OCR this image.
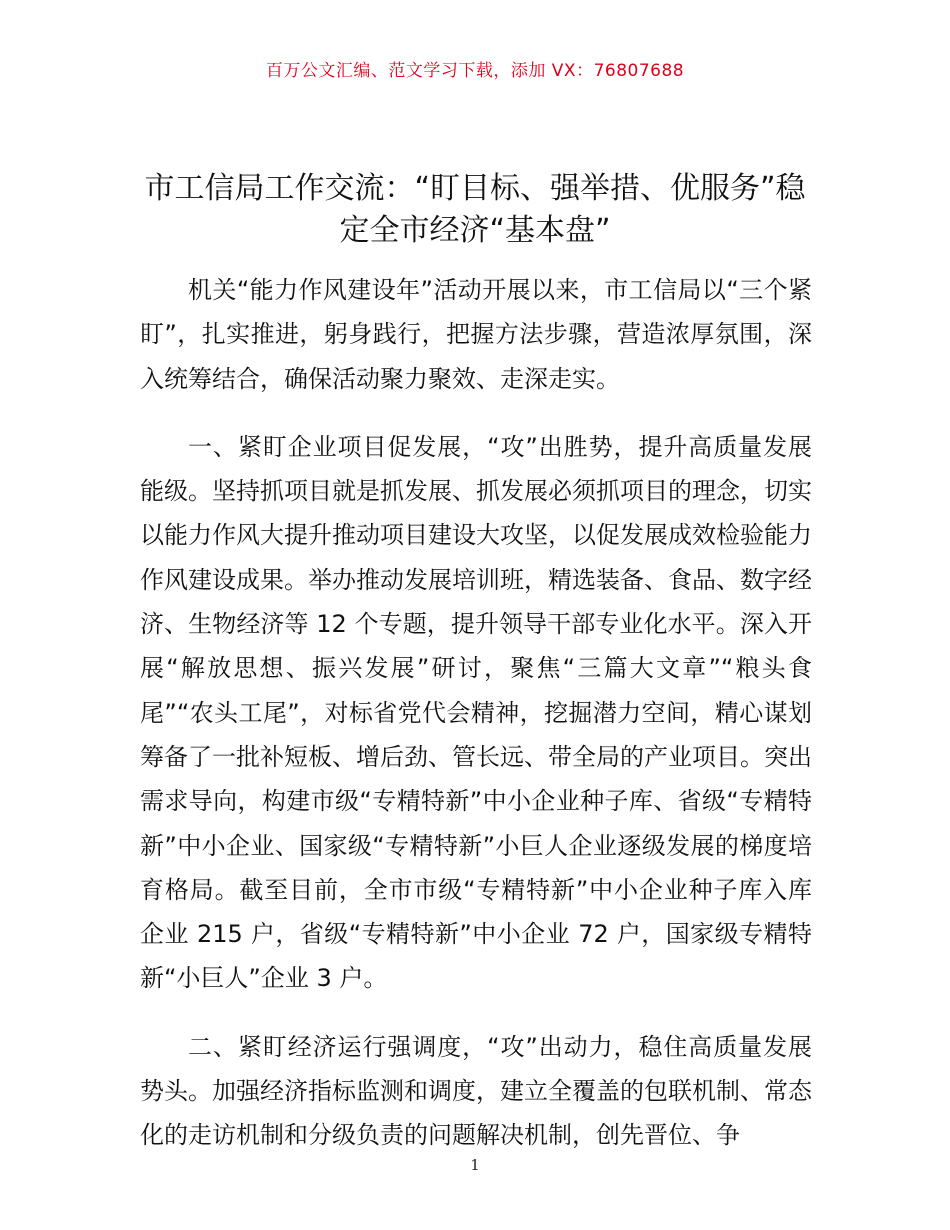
百万公文汇编、范文学习下载，添加 VX：76807688
市工信局工作交流：“盯目标、强举措、优服务”稳定全市经济“基本盘”

机关“能力作风建设年”活动开展以来，市工信局以“三个紧盯”，扎实推进，躬身践行，把握方法步骤，营造浓厚氛围，深入统筹结合，确保活动聚力聚效、走深走实。

一、紧盯企业项目促发展，“攻”出胜势，提升高质量发展能级。坚持抓项目就是抓发展、抓发展必须抓项目的理念，切实以能力作风大提升推动项目建设大攻坚，以促发展成效检验能力作风建设成果。举办推动发展培训班，精选装备、食品、数字经济、生物经济等 12 个专题，提升领导干部专业化水平。深入开展“解放思想、振兴发展”研讨，聚焦“三篇大文章”“粮头食尾”“农头工尾”，对标省党代会精神，挖掘潜力空间，精心谋划筹备了一批补短板、增后劲、管长远、带全局的产业项目。突出需求导向，构建市级“专精特新”中小企业种子库、省级“专精特新”中小企业、国家级“专精特新”小巨人企业逐级发展的梯度培育格局。截至目前，全市市级“专精特新”中小企业种子库入库企业 215 户，省级“专精特新”中小企业 72 户，国家级专精特新“小巨人”企业 3 户。

二、紧盯经济运行强调度，“攻”出动力，稳住高质量发展势头。加强经济指标监测和调度，建立全覆盖的包联机制、常态化的走访机制和分级负责的问题解决机制，创先晋位、争

1
